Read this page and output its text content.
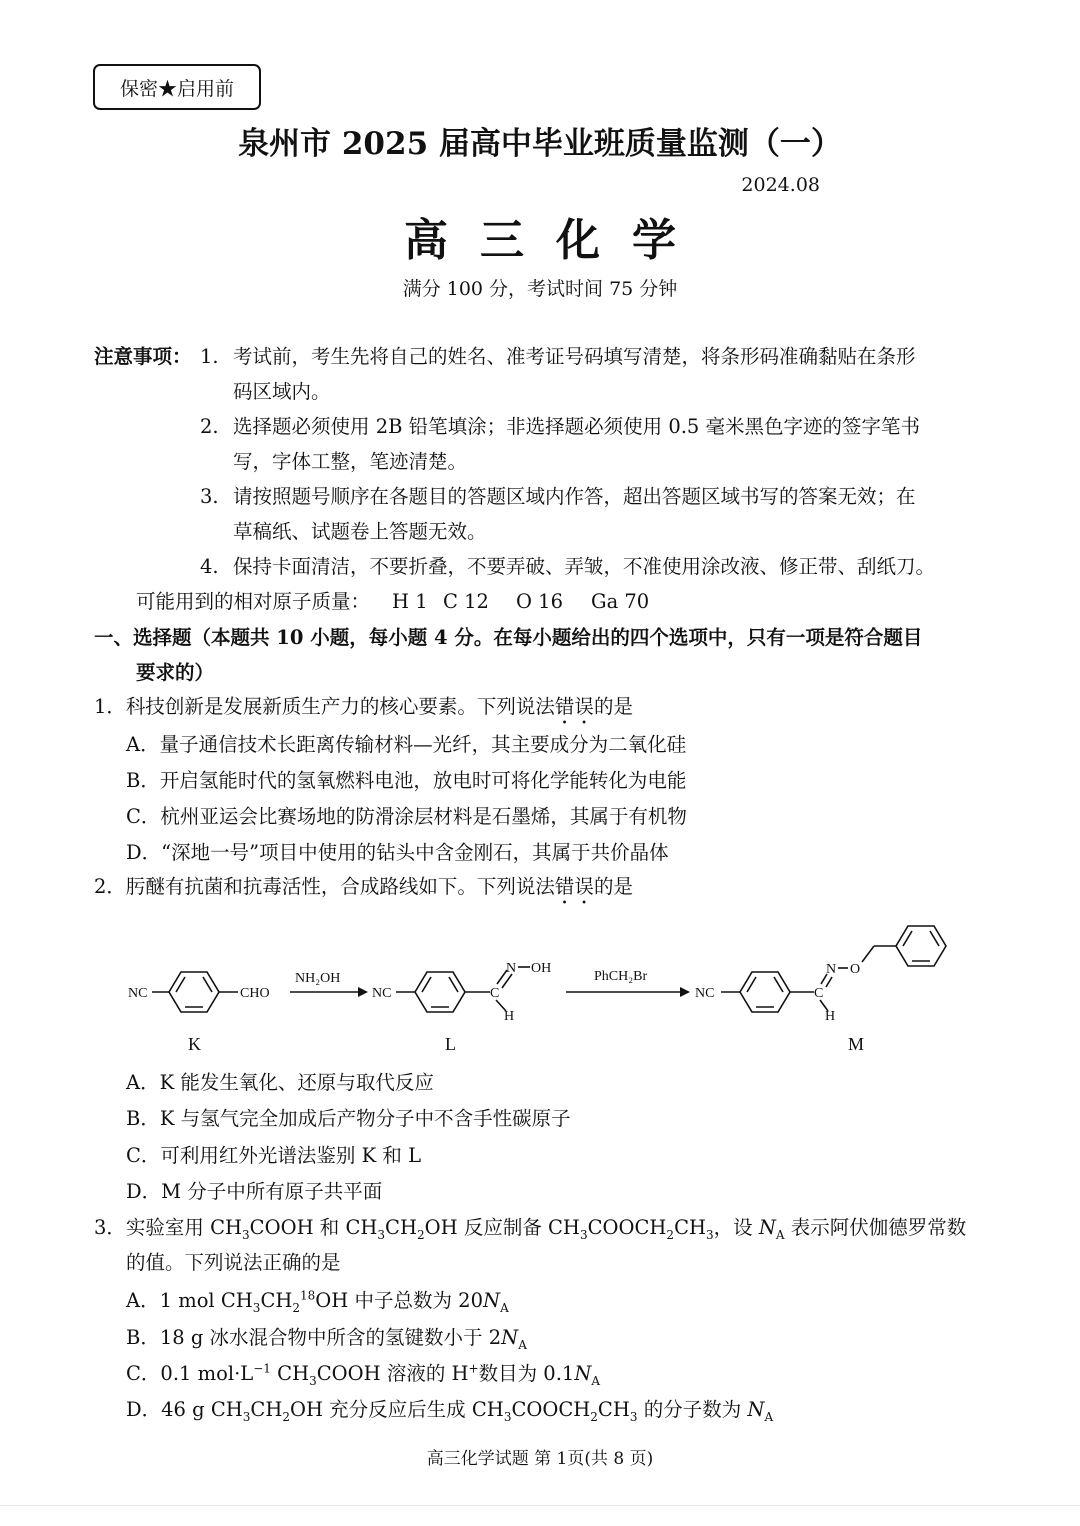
保密★启用前
泉州市 2025 届高中毕业班质量监测（一）
2024.08
高三化学
满分 100 分，考试时间 75 分钟
注意事项： 1. 考试前，考生先将自己的姓名、准考证号码填写清楚，将条形码准确黏贴在条形
码区域内。
2. 选择题必须使用 2B 铅笔填涂；非选择题必须使用 0.5 毫米黑色字迹的签字笔书
写，字体工整，笔迹清楚。
3. 请按照题号顺序在各题目的答题区域内作答，超出答题区域书写的答案无效；在
草稿纸、试题卷上答题无效。
4. 保持卡面清洁，不要折叠，不要弄破、弄皱，不准使用涂改液、修正带、刮纸刀。
可能用到的相对原子质量： H 1 C 12 O 16 Ga 70
一、选择题（本题共 10 小题，每小题 4 分。在每小题给出的四个选项中，只有一项是符合题目
要求的）
1．科技创新是发展新质生产力的核心要素。下列说法错误的是
A．量子通信技术长距离传输材料—光纤，其主要成分为二氧化硅
B．开启氢能时代的氢氧燃料电池，放电时可将化学能转化为电能
C．杭州亚运会比赛场地的防滑涂层材料是石墨烯，其属于有机物
D．“深地一号”项目中使用的钻头中含金刚石，其属于共价晶体
2．肟醚有抗菌和抗毒活性，合成路线如下。下列说法错误的是
NC	CHO
NH₂OH
NC	C
N OH
H
PhCH₂Br
NC	C
N O
H
K	L	M
A．K 能发生氧化、还原与取代反应
B．K 与氢气完全加成后产物分子中不含手性碳原子
C．可利用红外光谱法鉴别 K 和 L
D．M 分子中所有原子共平面
3．实验室用 $CH_3COOH$ 和 $CH_3CH_2OH$ 反应制备 $CH_3COOCH_2CH_3$，设 $N_A$ 表示阿伏伽德罗常数
的值。下列说法正确的是
A．1 mol $CH_3CH_2^{18}OH$ 中子总数为 $20N_A$
B．18 g 冰水混合物中所含的氢键数小于 $2N_A$
C．0.1 $mol\cdot L^{-1}$ $CH_3COOH$ 溶液的 H+数目为 $0.1N_A$
D．46 g $CH_3CH_2OH$ 充分反应后生成 $CH_3COOCH_2CH_3$ 的分子数为 $N_A$
高三化学试题 第 1页(共 8 页)
